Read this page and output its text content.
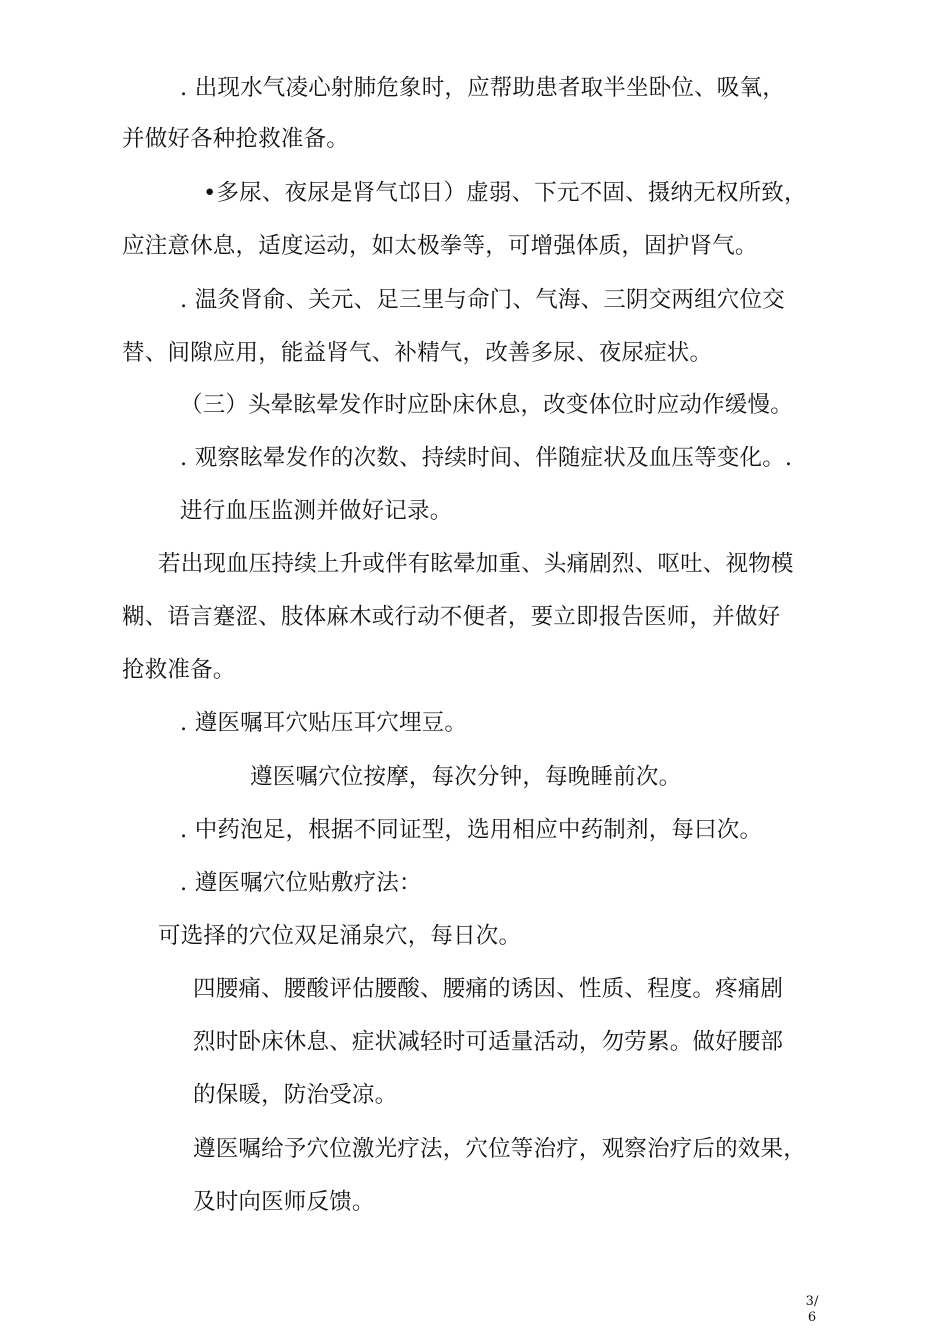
. 出现水气凌心射肺危象时，应帮助患者取半坐卧位、吸氧，
并做好各种抢救准备。
•多尿、夜尿是肾气邙日）虚弱、下元不固、摄纳无权所致，
应注意休息，适度运动，如太极拳等，可增强体质，固护肾气。
. 温灸肾俞、关元、足三里与命门、气海、三阴交两组穴位交
替、间隙应用，能益肾气、补精气，改善多尿、夜尿症状。
（三）头晕眩晕发作时应卧床休息，改变体位时应动作缓慢。
. 观察眩晕发作的次数、持续时间、伴随症状及血压等变化。.
进行血压监测并做好记录。
若出现血压持续上升或伴有眩晕加重、头痛剧烈、呕吐、视物模
糊、语言蹇涩、肢体麻木或行动不便者，要立即报告医师，并做好
抢救准备。
. 遵医嘱耳穴贴压耳穴埋豆。
遵医嘱穴位按摩，每次分钟，每晚睡前次。
. 中药泡足，根据不同证型，选用相应中药制剂，每曰次。
. 遵医嘱穴位贴敷疗法：
可选择的穴位双足涌泉穴，每日次。
四腰痛、腰酸评估腰酸、腰痛的诱因、性质、程度。疼痛剧
烈时卧床休息、症状减轻时可适量活动，勿劳累。做好腰部
的保暖，防治受凉。
遵医嘱给予穴位激光疗法，穴位等治疗，观察治疗后的效果，
及时向医师反馈。
3/
6
